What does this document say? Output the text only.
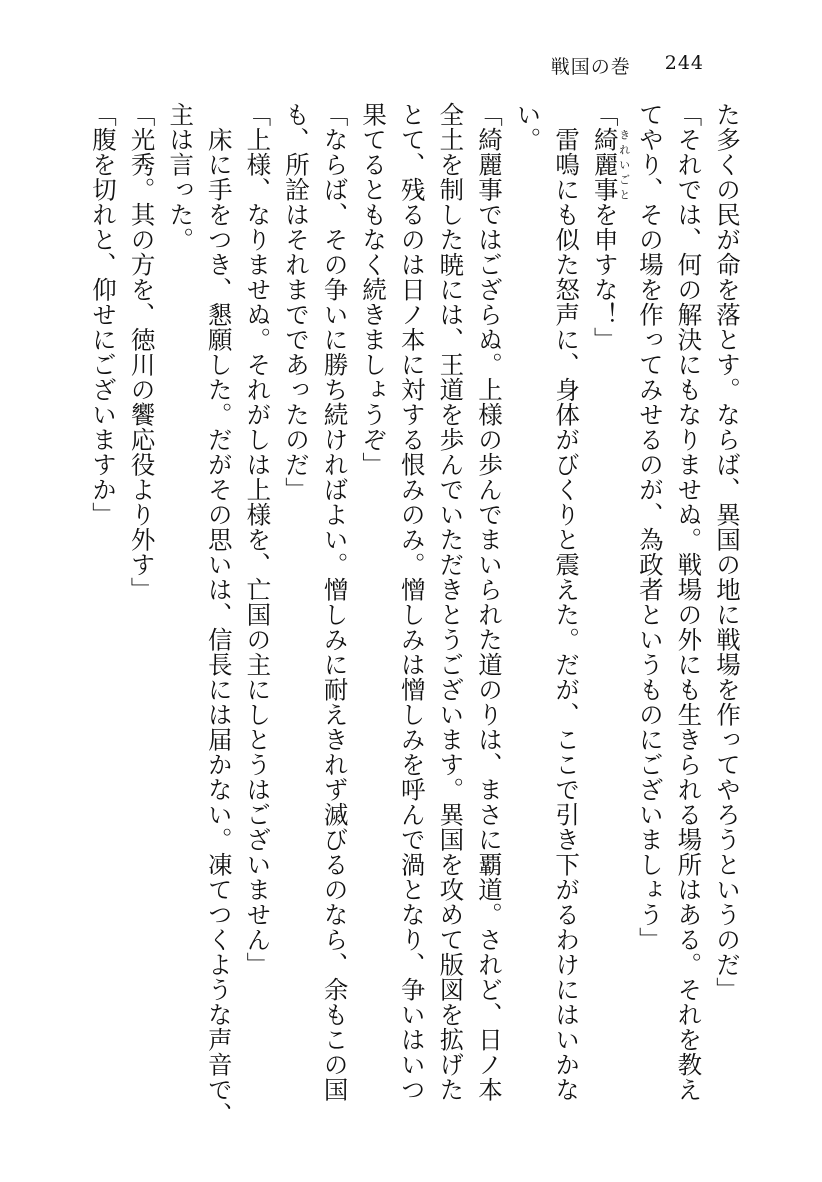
戦国の巻 244
た多くの民が命を落とす。ならば、異国の地に戦場を作ってやろうというのだ」
「それでは、何の解決にもなりませぬ。戦場の外にも生きられる場所はある。それを教え
てやり、その場を作ってみせるのが、為政者というものにございましょう」
「綺麗事きれいごとを申すな！」
雷鳴にも似た怒声に、身体がびくりと震えた。だが、ここで引き下がるわけにはいかな
い。
「綺麗事ではござらぬ。上様の歩んでまいられた道のりは、まさに覇道。されど、日ノ本
全土を制した暁には、王道を歩んでいただきとうございます。異国を攻めて版図を拡げた
とて、残るのは日ノ本に対する恨みのみ。憎しみは憎しみを呼んで渦となり、争いはいつ
果てるともなく続きましょうぞ」
「ならば、その争いに勝ち続ければよい。憎しみに耐えきれず滅びるのなら、余もこの国
も、所詮はそれまでであったのだ」
「上様、なりませぬ。それがしは上様を、亡国の主にしとうはございません」
床に手をつき、懇願した。だがその思いは、信長には届かない。凍てつくような声音で、
主は言った。
「光秀。其の方を、徳川の饗応役より外す」
「腹を切れと、仰せにございますか」
